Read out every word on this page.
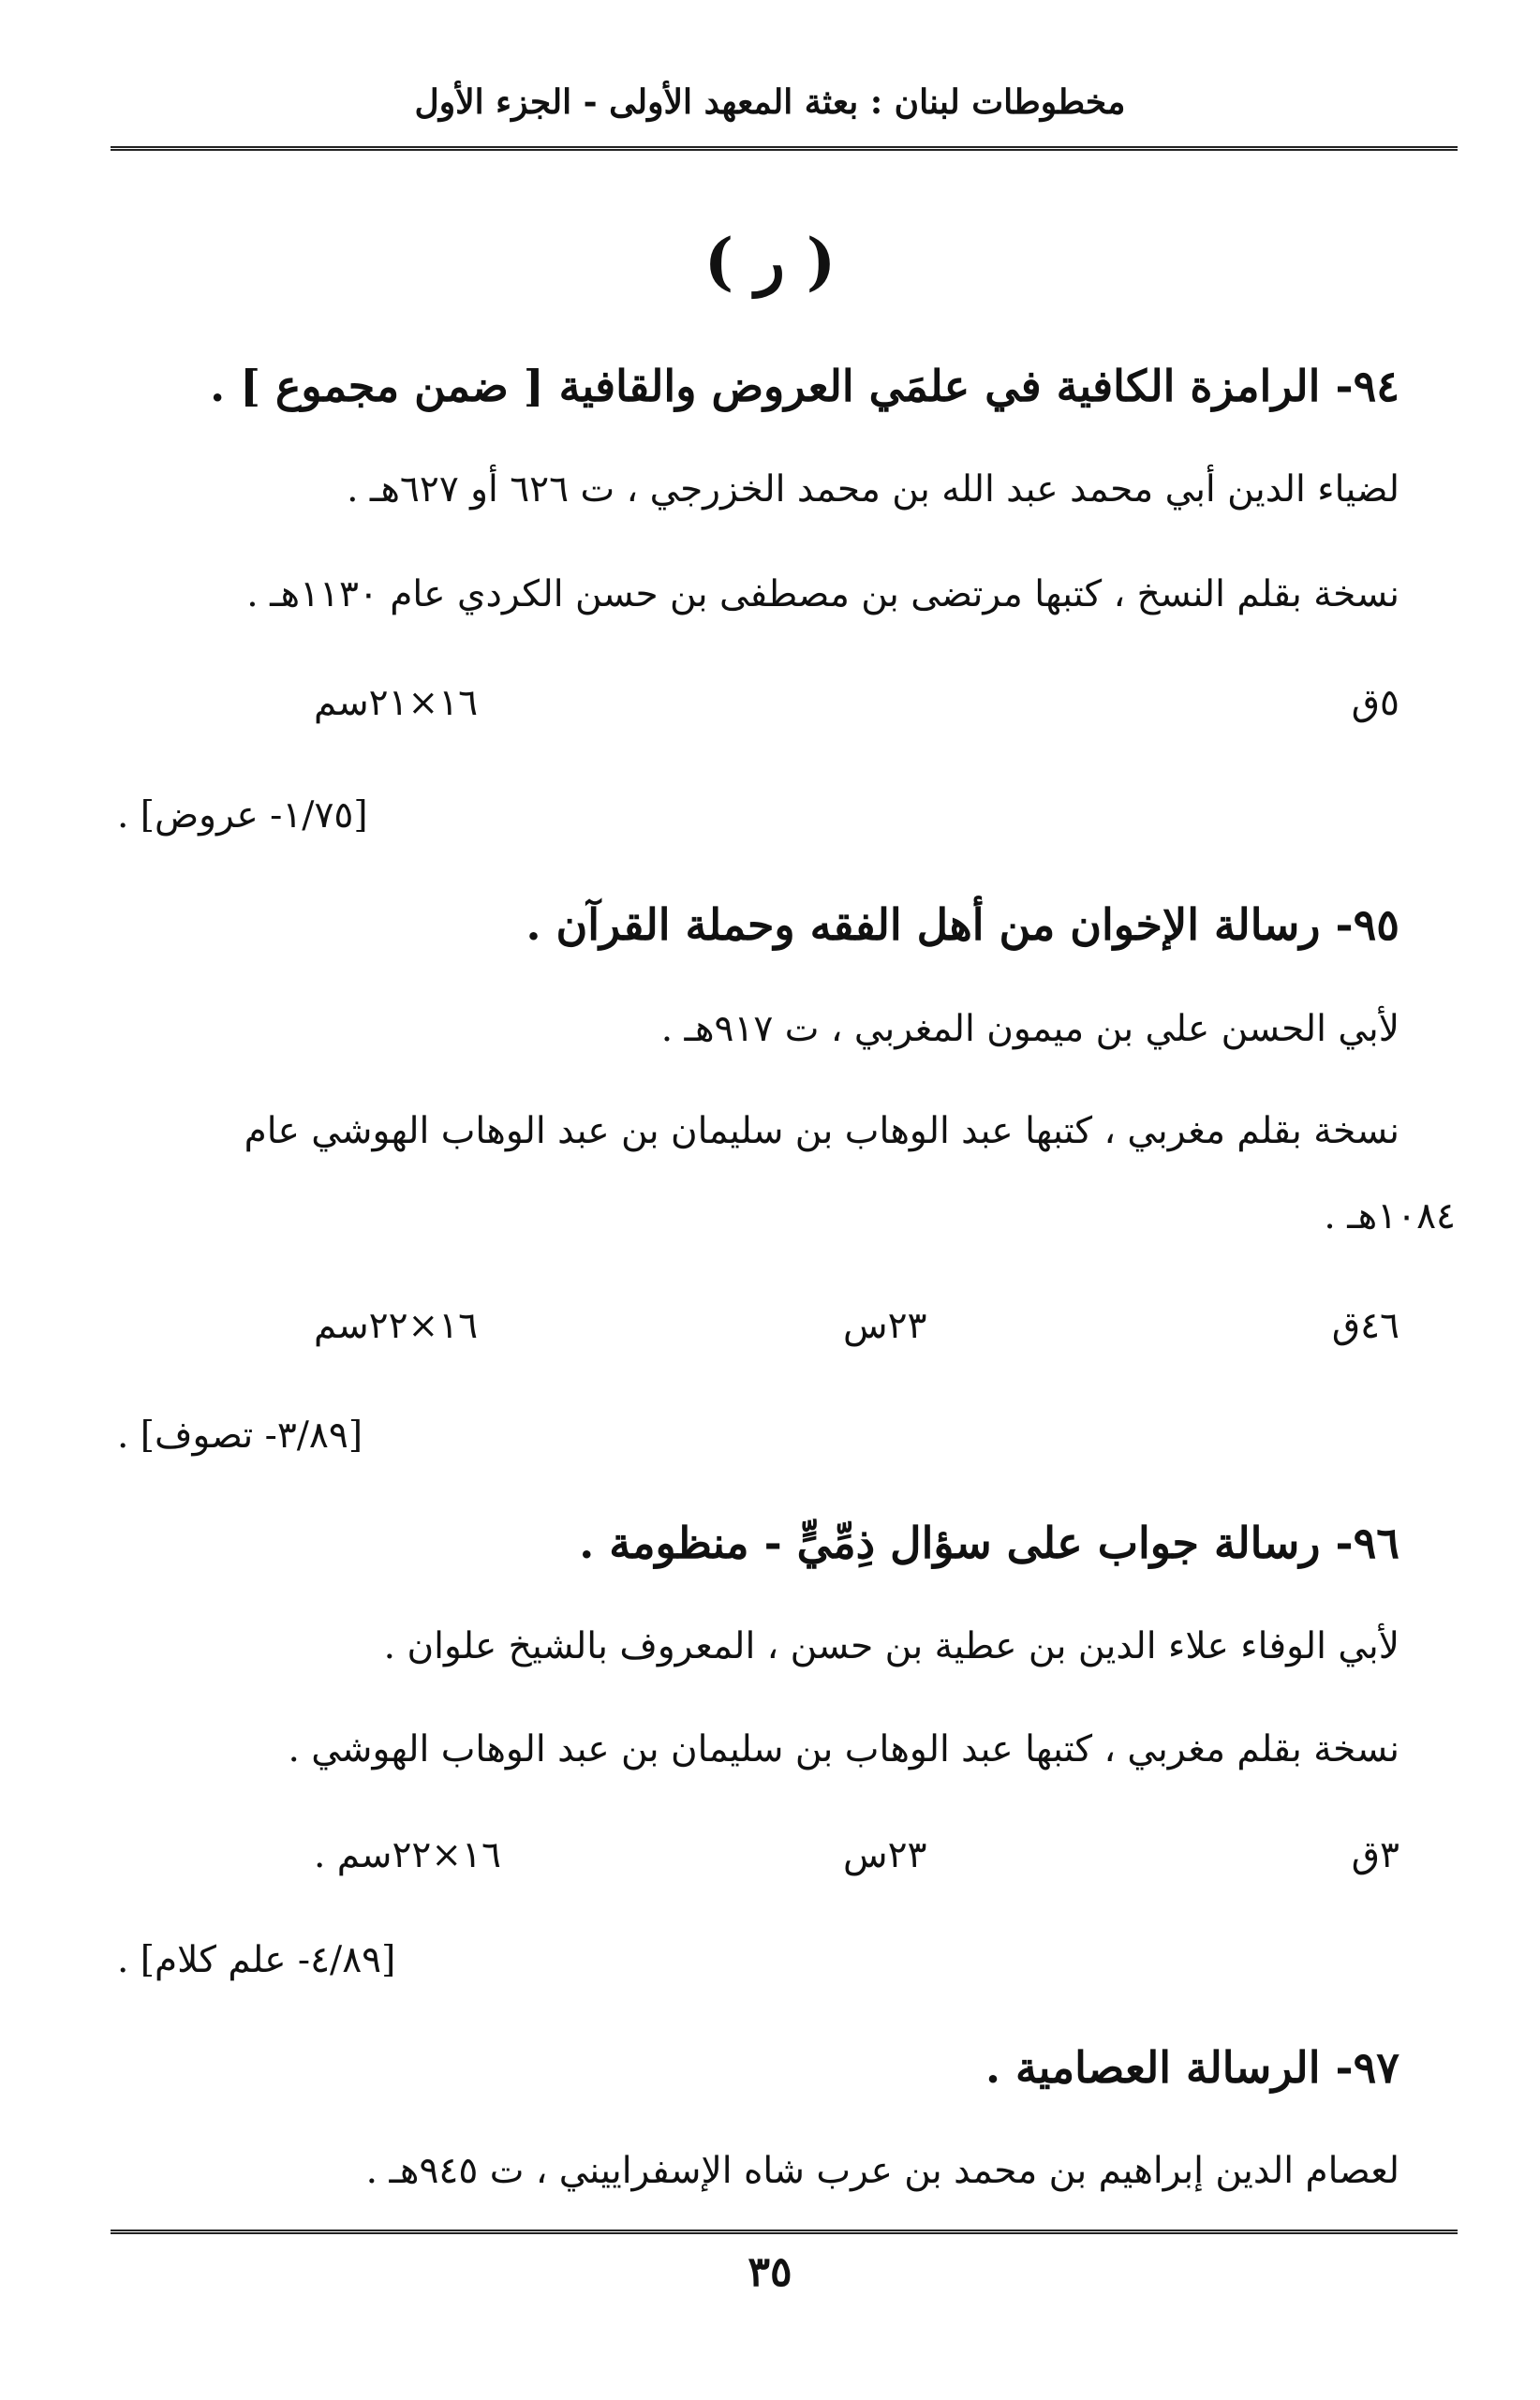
مخطوطات لبنان : بعثة المعهد الأولى - الجزء الأول
( ر )
٩٤- الرامزة الكافية في علمَي العروض والقافية [ ضمن مجموع ] .
لضياء الدين أبي محمد عبد الله بن محمد الخزرجي ، ت ٦٢٦ أو ٦٢٧هـ .
نسخة بقلم النسخ ، كتبها مرتضى بن مصطفى بن حسن الكردي عام ١١٣٠هـ .
٥ق
١٦×٢١سم
[١/٧٥- عروض] .
٩٥- رسالة الإخوان من أهل الفقه وحملة القرآن .
لأبي الحسن علي بن ميمون المغربي ، ت ٩١٧هـ .
نسخة بقلم مغربي ، كتبها عبد الوهاب بن سليمان بن عبد الوهاب الهوشي عام
١٠٨٤هـ .
٤٦ق
٢٣س
١٦×٢٢سم
[٣/٨٩- تصوف] .
٩٦- رسالة جواب على سؤال ذِمِّيٍّ - منظومة .
لأبي الوفاء علاء الدين بن عطية بن حسن ، المعروف بالشيخ علوان .
نسخة بقلم مغربي ، كتبها عبد الوهاب بن سليمان بن عبد الوهاب الهوشي .
٣ق
٢٣س
١٦×٢٢سم .
[٤/٨٩- علم كلام] .
٩٧- الرسالة العصامية .
لعصام الدين إبراهيم بن محمد بن عرب شاه الإسفراييني ، ت ٩٤٥هـ .
٣٥
